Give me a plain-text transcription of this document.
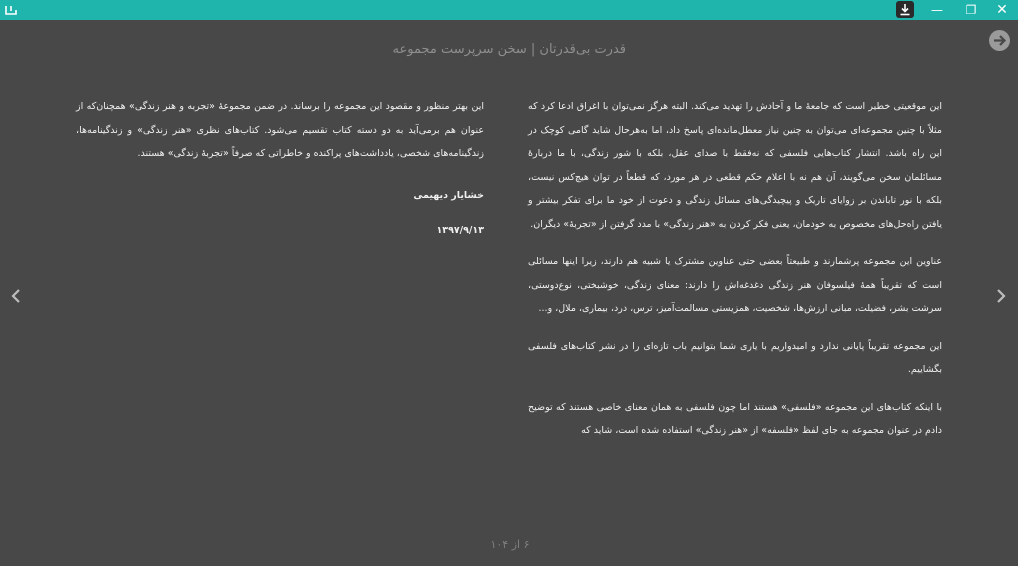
—	❐	✕
قدرت بی‌قدرتان | سخن سرپرست مجموعه

این موقعیتی خطیر است که جامعهٔ ما و آحادش را تهدید می‌کند. البته هرگز نمی‌توان با اغراق ادعا کرد که مثلاً با چنین مجموعه‌ای می‌توان به چنین نیاز معطل‌مانده‌ای پاسخ داد، اما به‌هرحال شاید گامی کوچک در این راه باشد. انتشار کتاب‌هایی فلسفی که نه‌فقط با صدای عقل، بلکه با شور زندگی، با ما دربارهٔ مسائلمان سخن می‌گویند، آن هم نه با اعلام حکم قطعی در هر مورد، که قطعاً در توان هیچ‌کس نیست، بلکه با نور تاباندن بر زوایای تاریک و پیچیدگی‌های مسائل زندگی و دعوت از خود ما برای تفکر بیشتر و یافتن راه‌حل‌های مخصوص به خودمان، یعنی فکر کردن به «هنر زندگی» با مدد گرفتن از «تجربهٔ» دیگران.

عناوین این مجموعه پرشمارند و طبیعتاً بعضی حتی عناوین مشترک یا شبیه هم دارند، زیرا اینها مسائلی است که تقریباً همهٔ فیلسوفان هنر زندگی دغدغه‌اش را دارند: معنای زندگی، خوشبختی، نوع‌دوستی، سرشت بشر، فضیلت، مبانی ارزش‌ها، شخصیت، همزیستی مسالمت‌آمیز، ترس، درد، بیماری، ملال، و...

این مجموعه تقریباً پایانی ندارد و امیدواریم با یاری شما بتوانیم باب تازه‌ای را در نشر کتاب‌های فلسفی بگشاییم.

با اینکه کتاب‌های این مجموعه «فلسفی» هستند اما چون فلسفی به همان معنای خاصی هستند که توضیح دادم در عنوان مجموعه به جای لفظ «فلسفه» از «هنر زندگی» استفاده شده است، شاید که

این بهتر منظور و مقصود این مجموعه را برساند. در ضمن مجموعهٔ «تجربه و هنر زندگی» همچنان‌که از عنوان هم برمی‌آید به دو دسته کتاب تقسیم می‌شود. کتاب‌های نظری «هنر زندگی» و زندگینامه‌ها، زندگینامه‌های شخصی، یادداشت‌های پراکنده و خاطراتی که صرفاً «تجربهٔ زندگی» هستند.

خشایار دیهیمی
۱۳۹۷/۹/۱۳
۶ از ۱۰۴
